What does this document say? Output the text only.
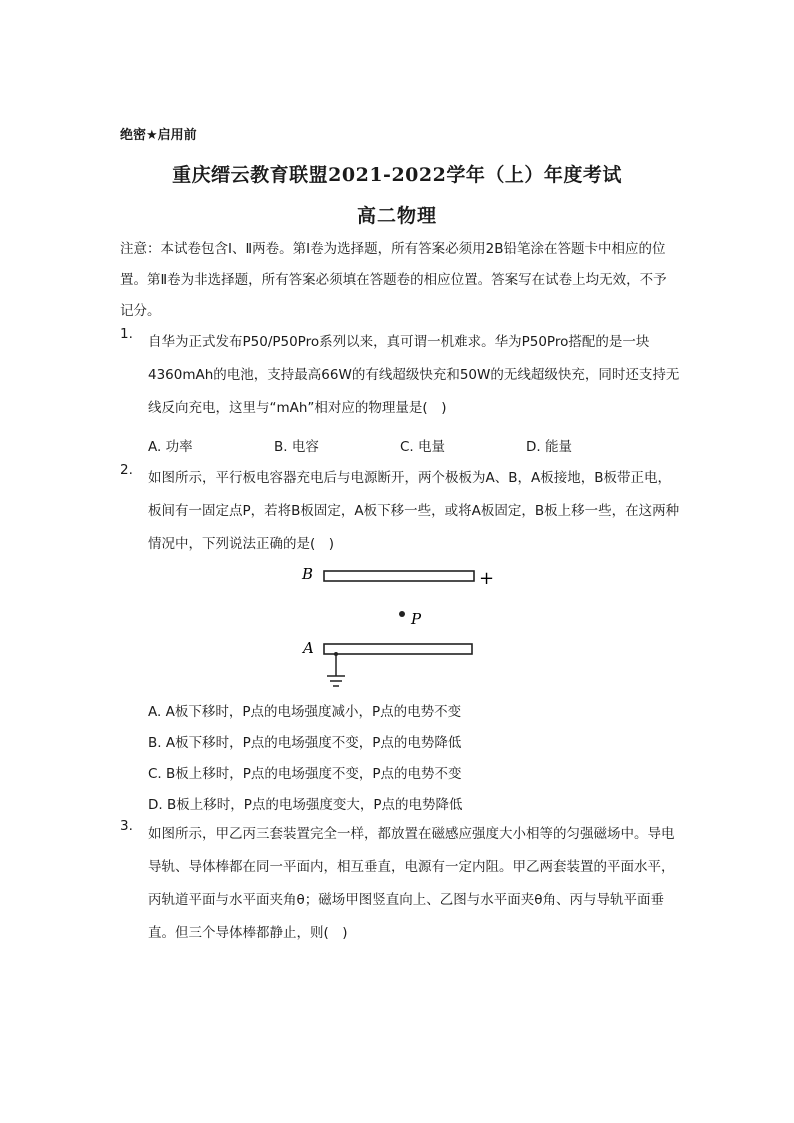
绝密★启用前
重庆缙云教育联盟2021-2022学年（上）年度考试
高二物理
注意：本试卷包含Ⅰ、Ⅱ两卷。第Ⅰ卷为选择题，所有答案必须用2B铅笔涂在答题卡中相应的位置。第Ⅱ卷为非选择题，所有答案必须填在答题卷的相应位置。答案写在试卷上均无效，不予记分。
1.	自华为正式发布P50/P50Pro系列以来，真可谓一机难求。华为P50Pro搭配的是一块4360mAh的电池，支持最高66W的有线超级快充和50W的无线超级快充，同时还支持无线反向充电，这里与“mAh”相对应的物理量是(　)
A. 功率	B. 电容	C. 电量	D. 能量
2.	如图所示，平行板电容器充电后与电源断开，两个极板为A、B，A板接地，B板带正电，板间有一固定点P，若将B板固定，A板下移一些，或将A板固定，B板上移一些，在这两种情况中，下列说法正确的是(　)
B	+
P
A
A. A板下移时，P点的电场强度减小，P点的电势不变
B. A板下移时，P点的电场强度不变，P点的电势降低
C. B板上移时，P点的电场强度不变，P点的电势不变
D. B板上移时，P点的电场强度变大，P点的电势降低
3.	如图所示，甲乙丙三套装置完全一样，都放置在磁感应强度大小相等的匀强磁场中。导电导轨、导体棒都在同一平面内，相互垂直，电源有一定内阻。甲乙两套装置的平面水平，丙轨道平面与水平面夹角θ；磁场甲图竖直向上、乙图与水平面夹θ角、丙与导轨平面垂直。但三个导体棒都静止，则(　)
